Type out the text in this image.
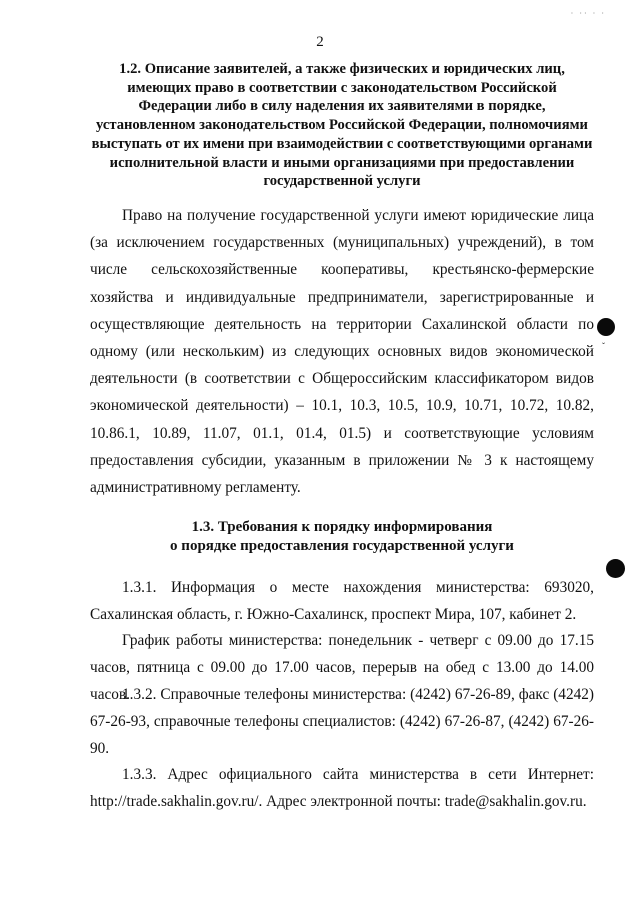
· ·· · ·
2
1.2. Описание заявителей, а также физических и юридических лиц, имеющих право в соответствии с законодательством Российской Федерации либо в силу наделения их заявителями в порядке, установленном законодательством Российской Федерации, полномочиями выступать от их имени при взаимодействии с соответствующими органами исполнительной власти и иными организациями при предоставлении государственной услуги
Право на получение государственной услуги имеют юридические лица (за исключением государственных (муниципальных) учреждений), в том числе сельскохозяйственные кооперативы, крестьянско-фермерские хозяйства и индивидуальные предприниматели, зарегистрированные и осуществляющие деятельность на территории Сахалинской области по одному (или нескольким) из следующих основных видов экономической деятельности (в соответствии с Общероссийским классификатором видов экономической деятельности) – 10.1, 10.3, 10.5, 10.9, 10.71, 10.72, 10.82, 10.86.1, 10.89, 11.07, 01.1, 01.4, 01.5) и соответствующие условиям предоставления субсидии, указанным в приложении № 3 к настоящему административному регламенту.
1.3. Требования к порядку информирования
о порядке предоставления государственной услуги
1.3.1. Информация о месте нахождения министерства: 693020, Сахалинская область, г. Южно-Сахалинск, проспект Мира, 107, кабинет 2.
График работы министерства: понедельник - четверг с 09.00 до 17.15 часов, пятница с 09.00 до 17.00 часов, перерыв на обед с 13.00 до 14.00 часов.
1.3.2. Справочные телефоны министерства: (4242) 67-26-89, факс (4242) 67-26-93, справочные телефоны специалистов: (4242) 67-26-87, (4242) 67-26-90.
1.3.3. Адрес официального сайта министерства в сети Интернет: http://trade.sakhalin.gov.ru/. Адрес электронной почты: trade@sakhalin.gov.ru.
ˇ
